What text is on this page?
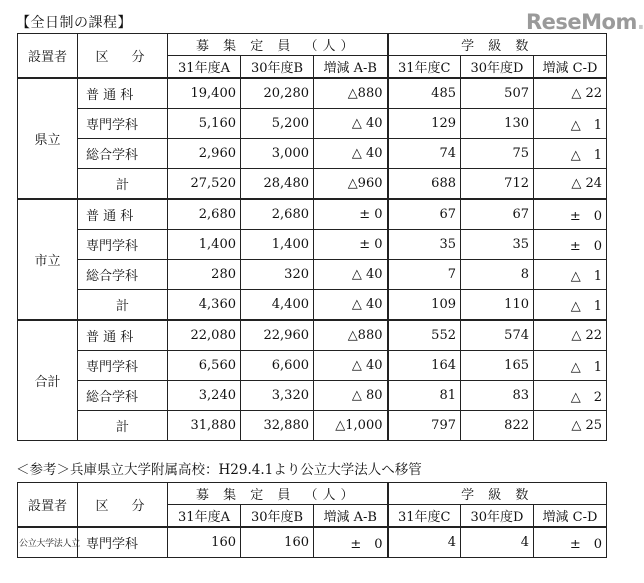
【全日制の課程】	ReseMom.
設置者	区　分	募 集 定 員 （人）			学 級 数		
		31年度A	30年度B	増減 A-B	31年度C	30年度D	増減 C-D
県立	普 通 科	19,400	20,280	△880	485	507	△ 22
	専門学科	5,160	5,200	△ 40	129	130	△　1
	総合学科	2,960	3,000	△ 40	74	75	△　1
	計	27,520	28,480	△960	688	712	△ 24
市立	普 通 科	2,680	2,680	± 0	67	67	±　0
	専門学科	1,400	1,400	± 0	35	35	±　0
	総合学科	280	320	△ 40	7	8	△　1
	計	4,360	4,400	△ 40	109	110	△　1
合計	普 通 科	22,080	22,960	△880	552	574	△ 22
	専門学科	6,560	6,600	△ 40	164	165	△　1
	総合学科	3,240	3,320	△ 80	81	83	△　2
	計	31,880	32,880	△1,000	797	822	△ 25
＜参考＞兵庫県立大学附属高校：H29.4.1より公立大学法人へ移管
設置者	区　分	募 集 定 員 （人）			学 級 数		
		31年度A	30年度B	増減 A-B	31年度C	30年度D	増減 C-D
公立大学法人立	専門学科	160	160	±　0	4	4	±　0
